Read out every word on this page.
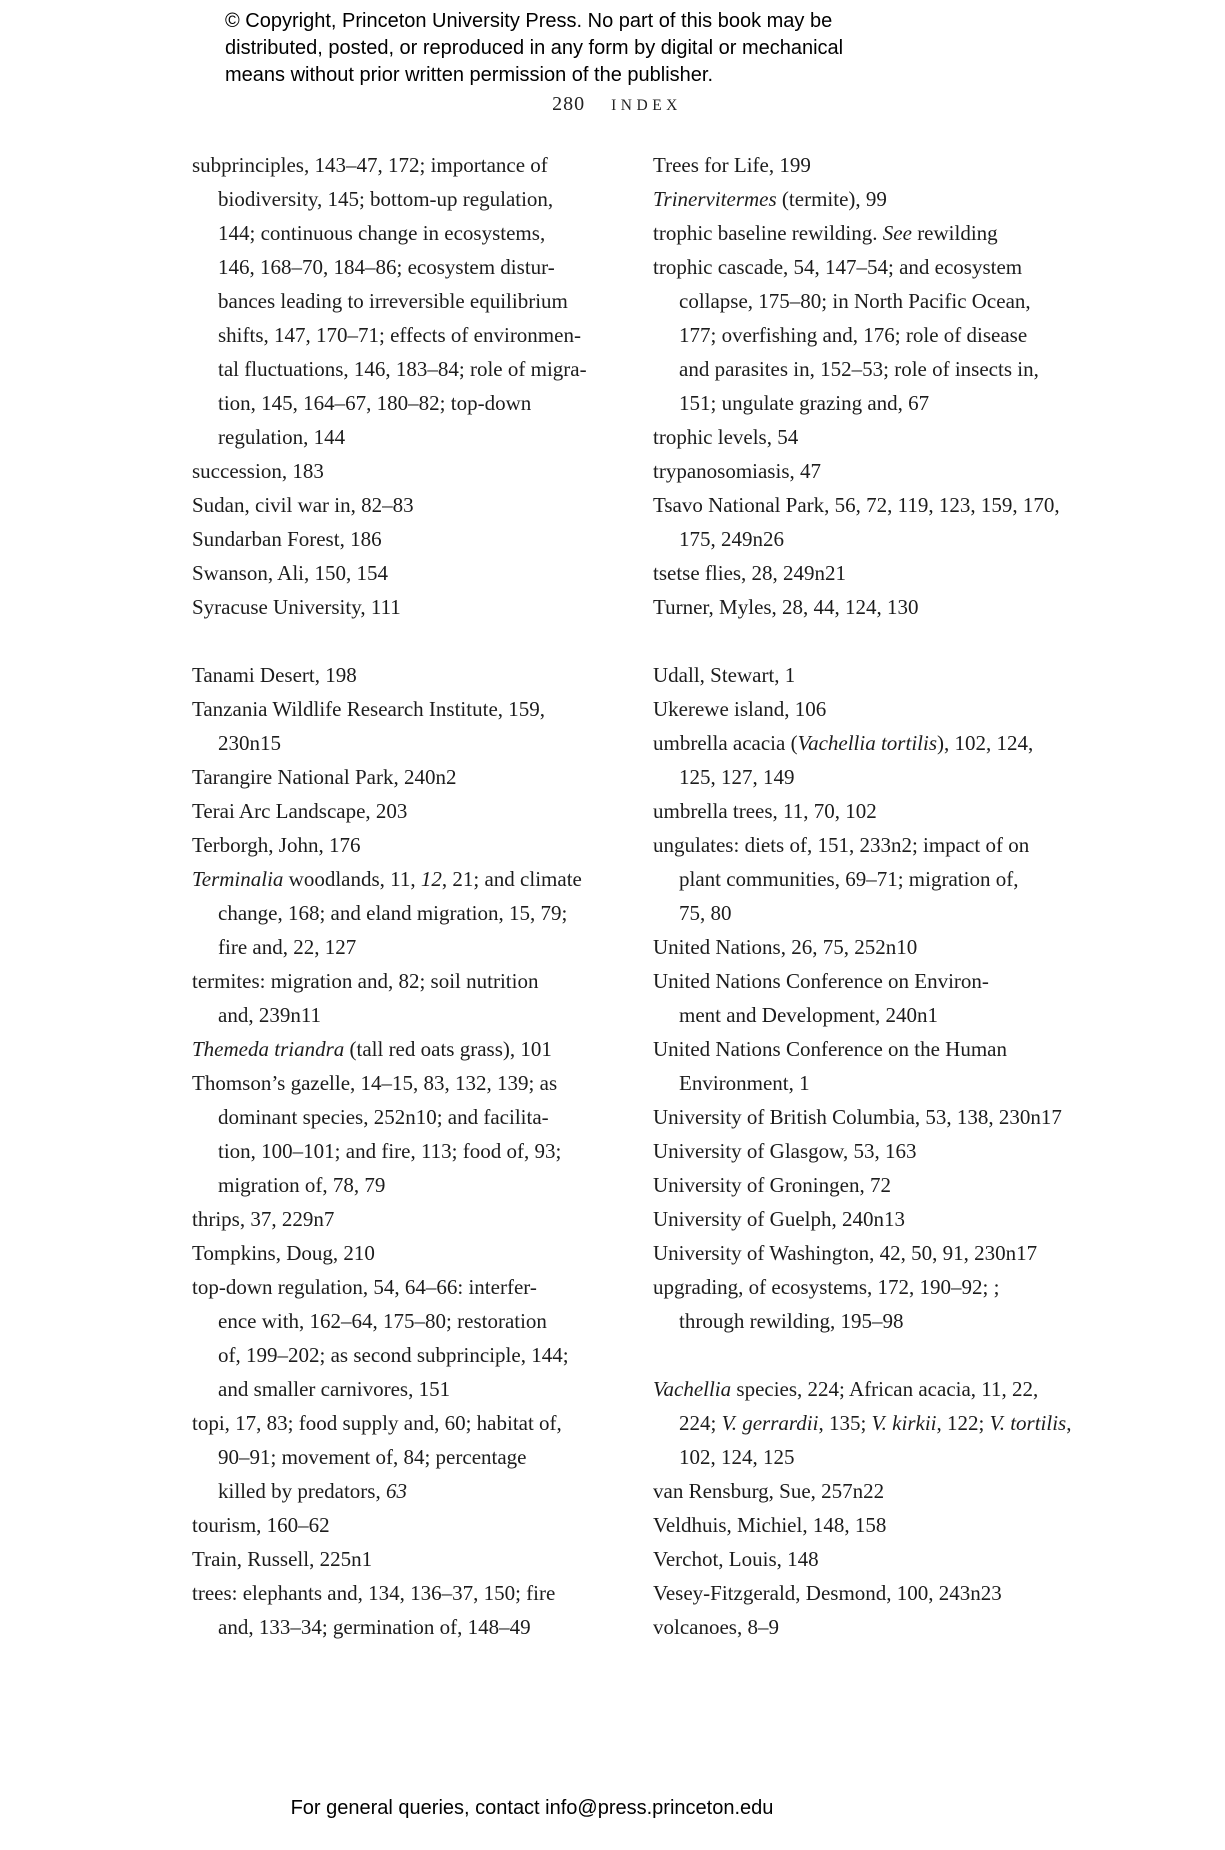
© Copyright, Princeton University Press. No part of this book may be
distributed, posted, or reproduced in any form by digital or mechanical
means without prior written permission of the publisher.
280 INDEX
subprinciples, 143–47, 172; importance of
biodiversity, 145; bottom-up regulation,
144; continuous change in ecosystems,
146, 168–70, 184–86; ecosystem distur-
bances leading to irreversible equilibrium
shifts, 147, 170–71; effects of environmen-
tal fluctuations, 146, 183–84; role of migra-
tion, 145, 164–67, 180–82; top-down
regulation, 144
succession, 183
Sudan, civil war in, 82–83
Sundarban Forest, 186
Swanson, Ali, 150, 154
Syracuse University, 111
Tanami Desert, 198
Tanzania Wildlife Research Institute, 159,
230n15
Tarangire National Park, 240n2
Terai Arc Landscape, 203
Terborgh, John, 176
Terminalia woodlands, 11, 12, 21; and climate
change, 168; and eland migration, 15, 79;
fire and, 22, 127
termites: migration and, 82; soil nutrition
and, 239n11
Themeda triandra (tall red oats grass), 101
Thomson’s gazelle, 14–15, 83, 132, 139; as
dominant species, 252n10; and facilita-
tion, 100–101; and fire, 113; food of, 93;
migration of, 78, 79
thrips, 37, 229n7
Tompkins, Doug, 210
top-down regulation, 54, 64–66: interfer-
ence with, 162–64, 175–80; restoration
of, 199–202; as second subprinciple, 144;
and smaller carnivores, 151
topi, 17, 83; food supply and, 60; habitat of,
90–91; movement of, 84; percentage
killed by predators, 63
tourism, 160–62
Train, Russell, 225n1
trees: elephants and, 134, 136–37, 150; fire
and, 133–34; germination of, 148–49
Trees for Life, 199
Trinervitermes (termite), 99
trophic baseline rewilding. See rewilding
trophic cascade, 54, 147–54; and ecosystem
collapse, 175–80; in North Pacific Ocean,
177; overfishing and, 176; role of disease
and parasites in, 152–53; role of insects in,
151; ungulate grazing and, 67
trophic levels, 54
trypanosomiasis, 47
Tsavo National Park, 56, 72, 119, 123, 159, 170,
175, 249n26
tsetse flies, 28, 249n21
Turner, Myles, 28, 44, 124, 130
Udall, Stewart, 1
Ukerewe island, 106
umbrella acacia (Vachellia tortilis), 102, 124,
125, 127, 149
umbrella trees, 11, 70, 102
ungulates: diets of, 151, 233n2; impact of on
plant communities, 69–71; migration of,
75, 80
United Nations, 26, 75, 252n10
United Nations Conference on Environ-
ment and Development, 240n1
United Nations Conference on the Human
Environment, 1
University of British Columbia, 53, 138, 230n17
University of Glasgow, 53, 163
University of Groningen, 72
University of Guelph, 240n13
University of Washington, 42, 50, 91, 230n17
upgrading, of ecosystems, 172, 190–92; ;
through rewilding, 195–98
Vachellia species, 224; African acacia, 11, 22,
224; V. gerrardii, 135; V. kirkii, 122; V. tortilis,
102, 124, 125
van Rensburg, Sue, 257n22
Veldhuis, Michiel, 148, 158
Verchot, Louis, 148
Vesey-Fitzgerald, Desmond, 100, 243n23
volcanoes, 8–9
For general queries, contact info@press.princeton.edu
